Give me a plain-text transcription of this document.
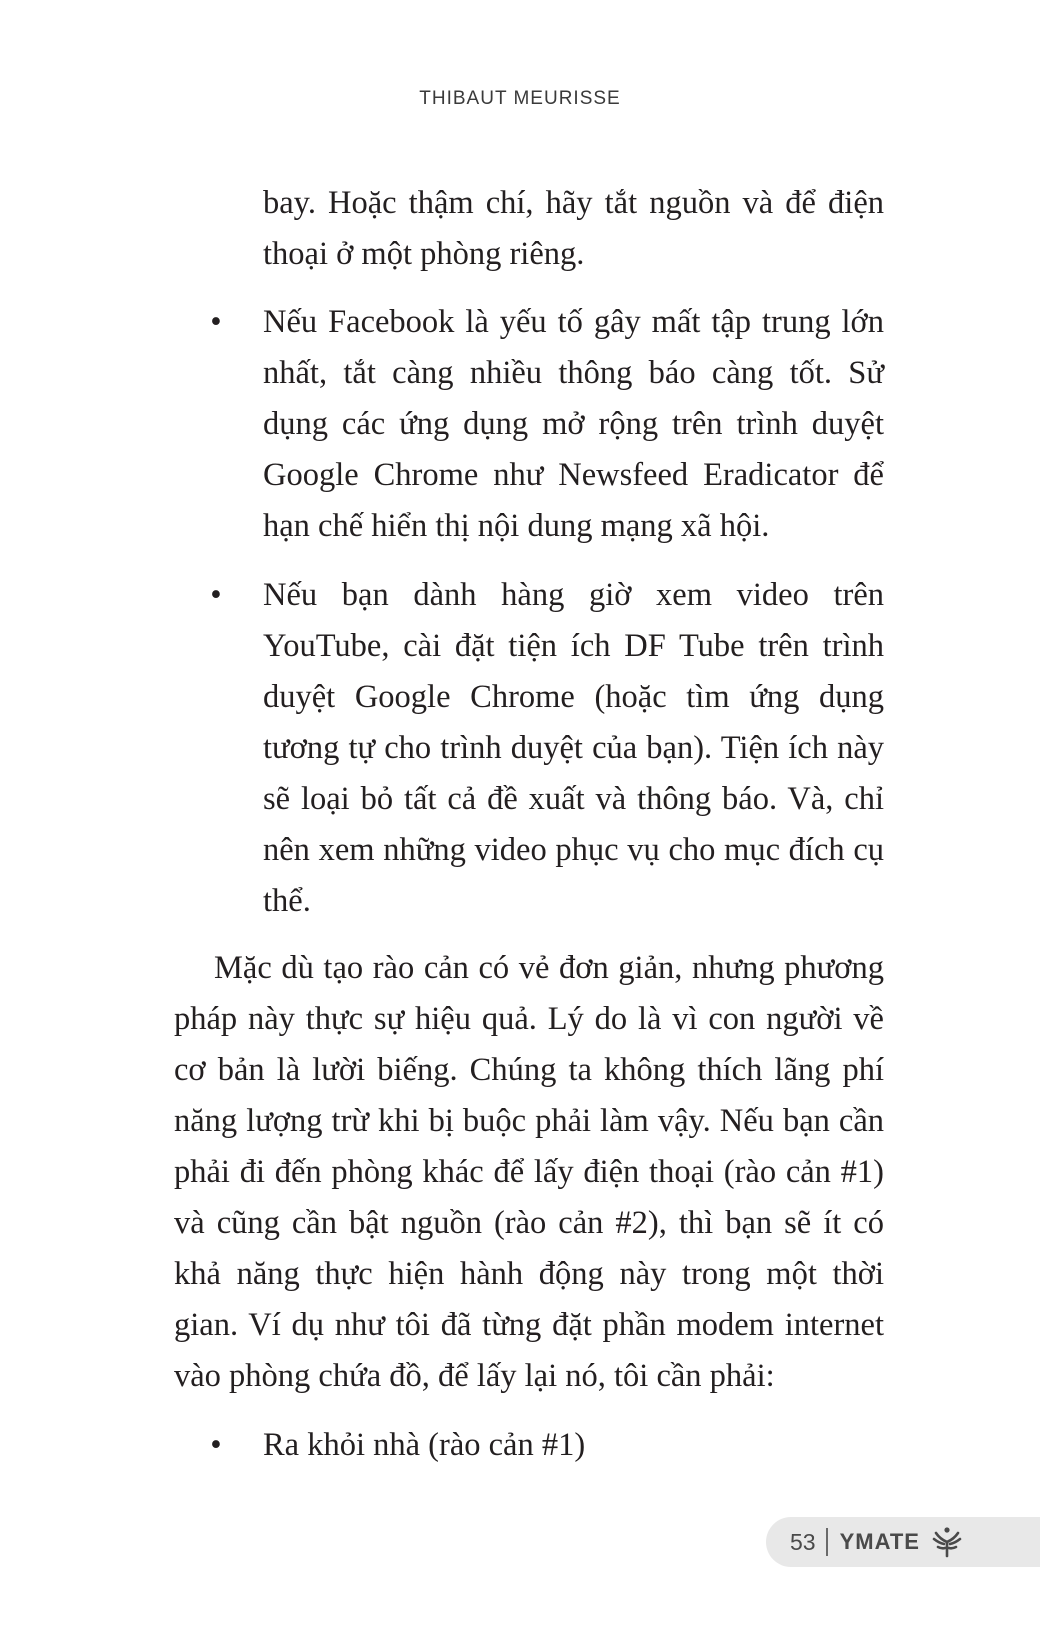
THIBAUT MEURISSE

bay. Hoặc thậm chí, hãy tắt nguồn và để điện thoại ở một phòng riêng.

• Nếu Facebook là yếu tố gây mất tập trung lớn nhất, tắt càng nhiều thông báo càng tốt. Sử dụng các ứng dụng mở rộng trên trình duyệt Google Chrome như Newsfeed Eradicator để hạn chế hiển thị nội dung mạng xã hội.
• Nếu bạn dành hàng giờ xem video trên YouTube, cài đặt tiện ích DF Tube trên trình duyệt Google Chrome (hoặc tìm ứng dụng tương tự cho trình duyệt của bạn). Tiện ích này sẽ loại bỏ tất cả đề xuất và thông báo. Và, chỉ nên xem những video phục vụ cho mục đích cụ thể.

Mặc dù tạo rào cản có vẻ đơn giản, nhưng phương pháp này thực sự hiệu quả. Lý do là vì con người về cơ bản là lười biếng. Chúng ta không thích lãng phí năng lượng trừ khi bị buộc phải làm vậy. Nếu bạn cần phải đi đến phòng khác để lấy điện thoại (rào cản #1) và cũng cần bật nguồn (rào cản #2), thì bạn sẽ ít có khả năng thực hiện hành động này trong một thời gian. Ví dụ như tôi đã từng đặt phần modem internet vào phòng chứa đồ, để lấy lại nó, tôi cần phải:

• Ra khỏi nhà (rào cản #1)
53 YMATE
